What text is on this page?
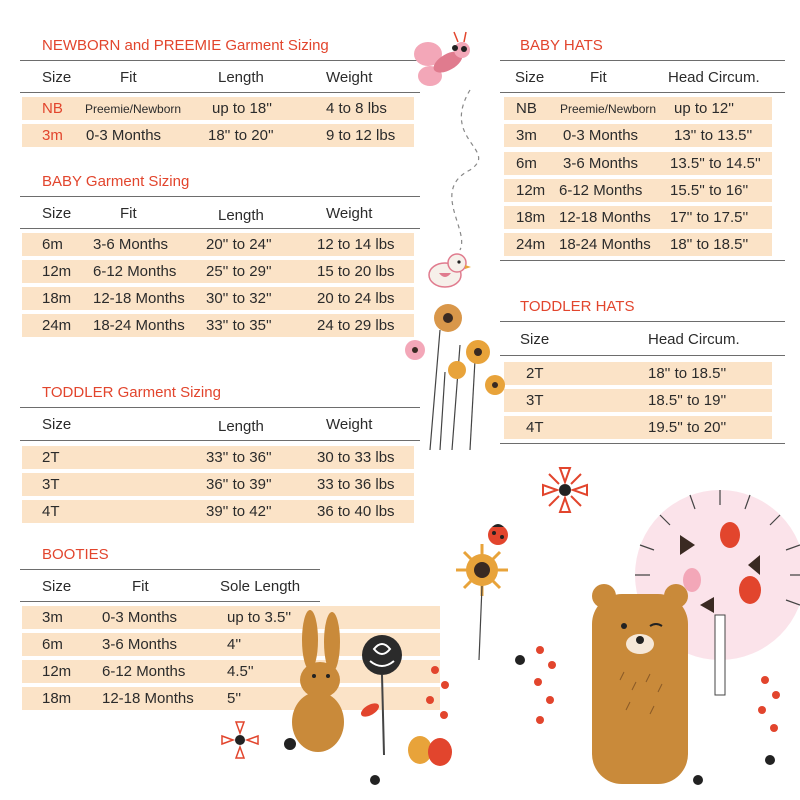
NEWBORN and PREEMIE Garment Sizing
Size	Fit	Length	Weight
NB Preemie/Newborn up to 18''	4 to 8 lbs
3m 0-3 Months	18'' to 20''	9 to 12 lbs
BABY Garment Sizing
Size	Fit	Length	Weight
6m 3-6 Months	20'' to 24''	12 to 14 lbs
12m 6-12 Months 25'' to 29''	15 to 20 lbs
18m 12-18 Months 30'' to 32''	20 to 24 lbs
24m 18-24 Months 33'' to 35''	24 to 29 lbs
TODDLER Garment Sizing
Size	Length	Weight
2T	33'' to 36''	30 to 33 lbs
3T	36'' to 39''	33 to 36 lbs
4T	39'' to 42''	36 to 40 lbs
BOOTIES
Size	Fit	Sole Length
3m	0-3 Months	up to 3.5''
6m	3-6 Months	4''
12m 6-12 Months	4.5''
18m 12-18 Months 5''
BABY HATS
Size	Fit	Head Circum.
NB Preemie/Newborn up to 12''
3m 0-3 Months 13'' to 13.5''
6m 3-6 Months 13.5'' to 14.5''
12m 6-12 Months 15.5'' to 16''
18m 12-18 Months 17'' to 17.5''
24m 18-24 Months 18'' to 18.5''
TODDLER HATS
Size	Head Circum.
2T	18'' to 18.5''
3T	18.5'' to 19''
4T	19.5'' to 20''
